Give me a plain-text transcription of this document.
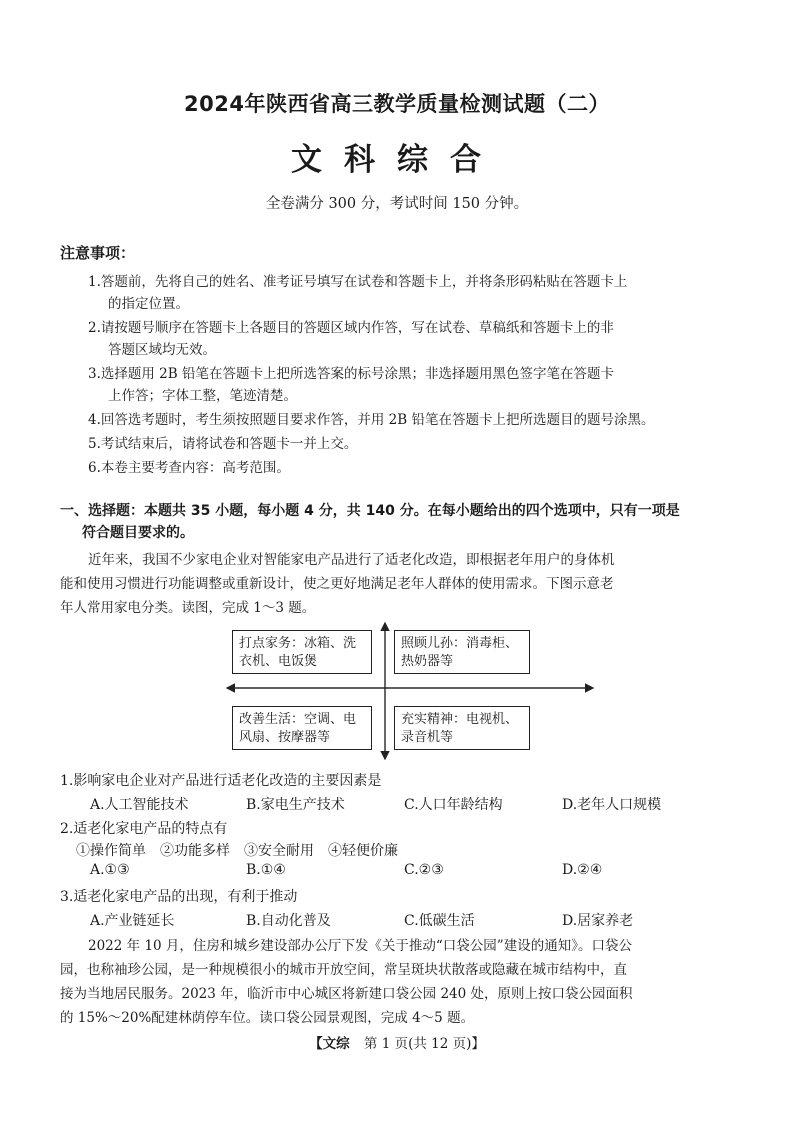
2024年陕西省高三教学质量检测试题（二）
文科综合
全卷满分 300 分，考试时间 150 分钟。
注意事项：
1.答题前，先将自己的姓名、准考证号填写在试卷和答题卡上，并将条形码粘贴在答题卡上
的指定位置。
2.请按题号顺序在答题卡上各题目的答题区域内作答，写在试卷、草稿纸和答题卡上的非
答题区域均无效。
3.选择题用 2B 铅笔在答题卡上把所选答案的标号涂黑；非选择题用黑色签字笔在答题卡
上作答；字体工整，笔迹清楚。
4.回答选考题时，考生须按照题目要求作答，并用 2B 铅笔在答题卡上把所选题目的题号涂黑。
5.考试结束后，请将试卷和答题卡一并上交。
6.本卷主要考查内容：高考范围。
一、选择题：本题共 35 小题，每小题 4 分，共 140 分。在每小题给出的四个选项中，只有一项是
符合题目要求的。
近年来，我国不少家电企业对智能家电产品进行了适老化改造，即根据老年用户的身体机
能和使用习惯进行功能调整或重新设计，使之更好地满足老年人群体的使用需求。下图示意老
年人常用家电分类。读图，完成 1～3 题。
打点家务：冰箱、洗衣机、电饭煲
照顾儿孙：消毒柜、热奶器等
改善生活：空调、电风扇、按摩器等
充实精神：电视机、录音机等
1.影响家电企业对产品进行适老化改造的主要因素是
A.人工智能技术	B.家电生产技术	C.人口年龄结构	D.老年人口规模
2.适老化家电产品的特点有
①操作简单　②功能多样　③安全耐用　④轻便价廉
A.①③	B.①④	C.②③	D.②④
3.适老化家电产品的出现，有利于推动
A.产业链延长	B.自动化普及	C.低碳生活	D.居家养老
2022 年 10 月，住房和城乡建设部办公厅下发《关于推动“口袋公园”建设的通知》。口袋公
园，也称袖珍公园，是一种规模很小的城市开放空间，常呈斑块状散落或隐藏在城市结构中，直
接为当地居民服务。2023 年，临沂市中心城区将新建口袋公园 240 处，原则上按口袋公园面积
的 15%～20%配建林荫停车位。读口袋公园景观图，完成 4～5 题。
【文综 第 1 页(共 12 页)】
